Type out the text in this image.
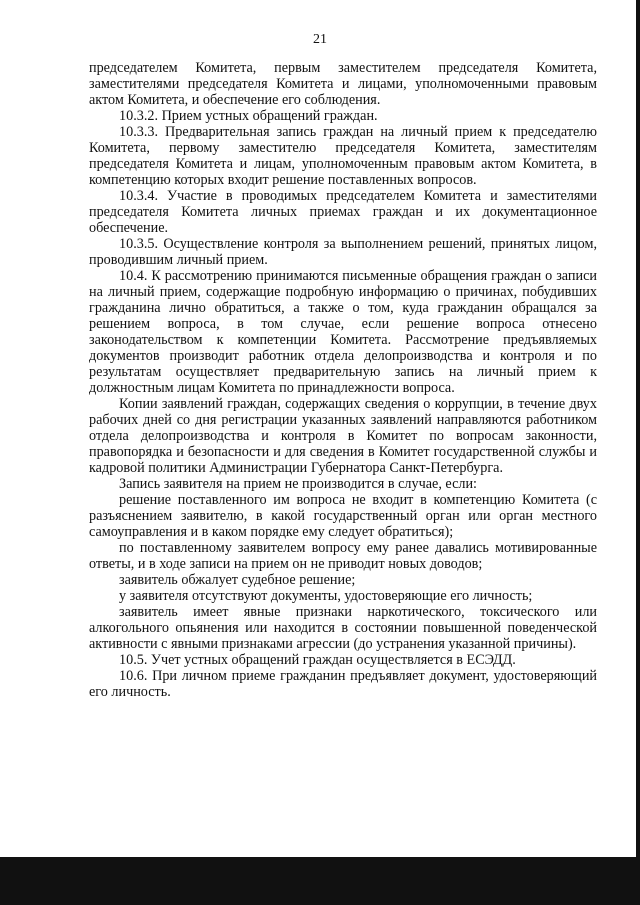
21

председателем Комитета, первым заместителем председателя Комитета, заместителями председателя Комитета и лицами, уполномоченными правовым актом Комитета, и обеспечение его соблюдения.

10.3.2. Прием устных обращений граждан.

10.3.3. Предварительная запись граждан на личный прием к председателю Комитета, первому заместителю председателя Комитета, заместителям председателя Комитета и лицам, уполномоченным правовым актом Комитета, в компетенцию которых входит решение поставленных вопросов.

10.3.4. Участие в проводимых председателем Комитета и заместителями председателя Комитета личных приемах граждан и их документационное обеспечение.

10.3.5. Осуществление контроля за выполнением решений, принятых лицом, проводившим личный прием.

10.4. К рассмотрению принимаются письменные обращения граждан о записи на личный прием, содержащие подробную информацию о причинах, побудивших гражданина лично обратиться, а также о том, куда гражданин обращался за решением вопроса, в том случае, если решение вопроса отнесено законодательством к компетенции Комитета. Рассмотрение предъявляемых документов производит работник отдела делопроизводства и контроля и по результатам осуществляет предварительную запись на личный прием к должностным лицам Комитета по принадлежности вопроса.

Копии заявлений граждан, содержащих сведения о коррупции, в течение двух рабочих дней со дня регистрации указанных заявлений направляются работником отдела делопроизводства и контроля в Комитет по вопросам законности, правопорядка и безопасности и для сведения в Комитет государственной службы и кадровой политики Администрации Губернатора Санкт-Петербурга.

Запись заявителя на прием не производится в случае, если:

решение поставленного им вопроса не входит в компетенцию Комитета (с разъяснением заявителю, в какой государственный орган или орган местного самоуправления и в каком порядке ему следует обратиться);

по поставленному заявителем вопросу ему ранее давались мотивированные ответы, и в ходе записи на прием он не приводит новых доводов;

заявитель обжалует судебное решение;

у заявителя отсутствуют документы, удостоверяющие его личность;

заявитель имеет явные признаки наркотического, токсического или алкогольного опьянения или находится в состоянии повышенной поведенческой активности с явными признаками агрессии (до устранения указанной причины).

10.5. Учет устных обращений граждан осуществляется в ЕСЭДД.

10.6. При личном приеме гражданин предъявляет документ, удостоверяющий его личность.
